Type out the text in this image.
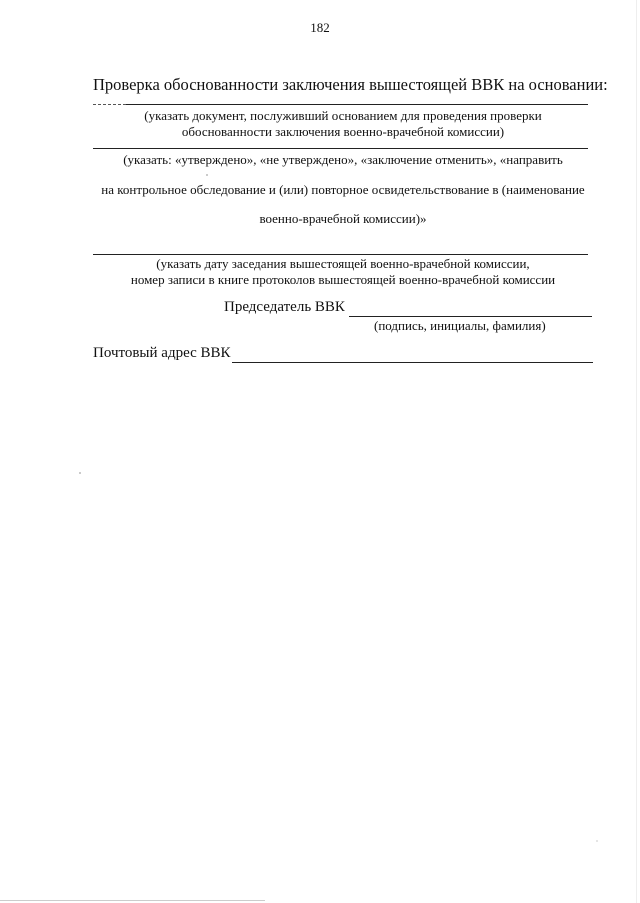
182
Проверка обоснованности заключения вышестоящей ВВК на основании:
(указать документ, послуживший основанием для проведения проверки
обоснованности заключения военно-врачебной комиссии)
(указать: «утверждено», «не утверждено», «заключение отменить», «направить
на контрольное обследование и (или) повторное освидетельствование в (наименование
военно-врачебной комиссии)»
(указать дату заседания вышестоящей военно-врачебной комиссии,
номер записи в книге протоколов вышестоящей военно-врачебной комиссии
Председатель ВВК
(подпись, инициалы, фамилия)
Почтовый адрес ВВК
